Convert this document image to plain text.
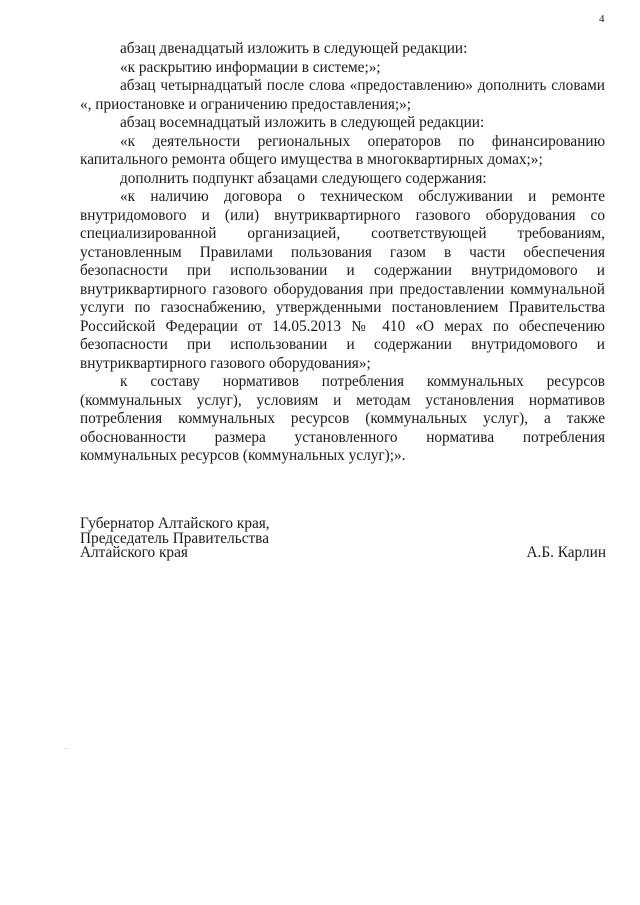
4

абзац двенадцатый изложить в следующей редакции:

«к раскрытию информации в системе;»;

абзац четырнадцатый после слова «предоставлению» дополнить словами «, приостановке и ограничению предоставления;»;

абзац восемнадцатый изложить в следующей редакции:

«к деятельности региональных операторов по финансированию капитального ремонта общего имущества в многоквартирных домах;»;

дополнить подпункт абзацами следующего содержания:

«к наличию договора о техническом обслуживании и ремонте внутридомового и (или) внутриквартирного газового оборудования со специализированной организацией, соответствующей требованиям, установленным Правилами пользования газом в части обеспечения безопасности при использовании и содержании внутридомового и внутриквартирного газового оборудования при предоставлении коммунальной услуги по газоснабжению, утвержденными постановлением Правительства Российской Федерации от 14.05.2013 № 410 «О мерах по обеспечению безопасности при использовании и содержании внутридомового и внутриквартирного газового оборудования»;

к составу нормативов потребления коммунальных ресурсов (коммунальных услуг), условиям и методам установления нормативов потребления коммунальных ресурсов (коммунальных услуг), а также обоснованности размера установленного норматива потребления коммунальных ресурсов (коммунальных услуг);».

Губернатор Алтайского края,
Председатель Правительства
Алтайского края	А.Б. Карлин
